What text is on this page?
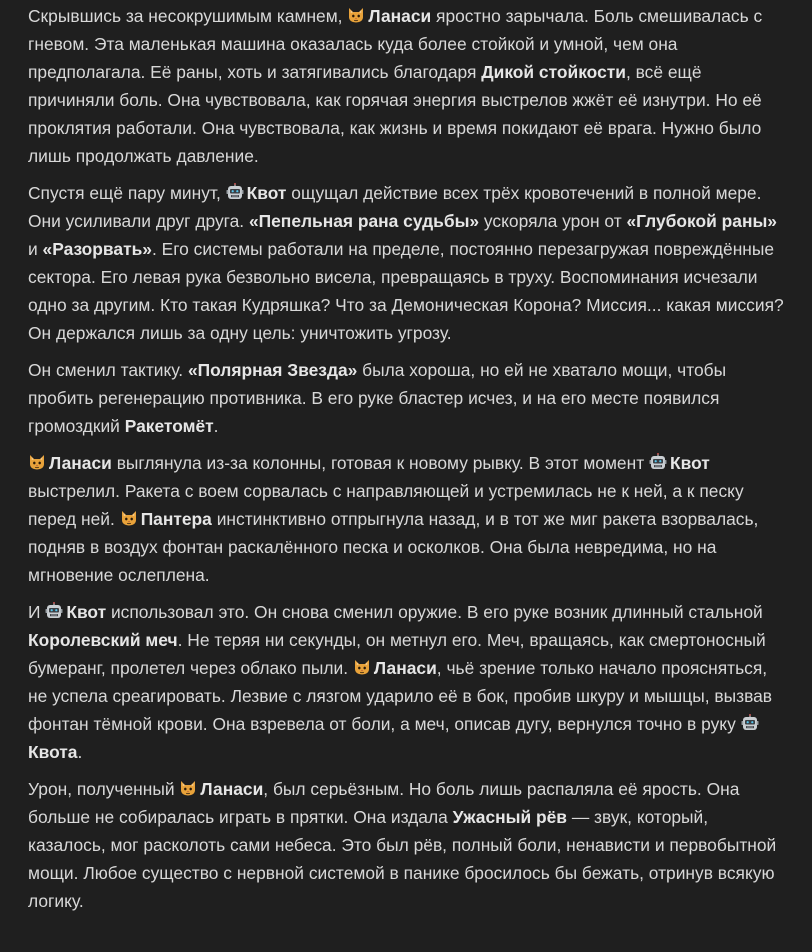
Скрывшись за несокрушимым камнем, Ланаси яростно зарычала. Боль смешивалась с гневом. Эта маленькая машина оказалась куда более стойкой и умной, чем она предполагала. Её раны, хоть и затягивались благодаря Дикой стойкости, всё ещё причиняли боль. Она чувствовала, как горячая энергия выстрелов жжёт её изнутри. Но её проклятия работали. Она чувствовала, как жизнь и время покидают её врага. Нужно было лишь продолжать давление.

Спустя ещё пару минут, Квот ощущал действие всех трёх кровотечений в полной мере. Они усиливали друг друга. «Пепельная рана судьбы» ускоряла урон от «Глубокой раны» и «Разорвать». Его системы работали на пределе, постоянно перезагружая повреждённые сектора. Его левая рука безвольно висела, превращаясь в труху. Воспоминания исчезали одно за другим. Кто такая Кудряшка? Что за Демоническая Корона? Миссия... какая миссия? Он держался лишь за одну цель: уничтожить угрозу.

Он сменил тактику. «Полярная Звезда» была хороша, но ей не хватало мощи, чтобы пробить регенерацию противника. В его руке бластер исчез, и на его месте появился громоздкий Ракетомёт.

Ланаси выглянула из-за колонны, готовая к новому рывку. В этот момент Квот выстрелил. Ракета с воем сорвалась с направляющей и устремилась не к ней, а к песку перед ней. Пантера инстинктивно отпрыгнула назад, и в тот же миг ракета взорвалась, подняв в воздух фонтан раскалённого песка и осколков. Она была невредима, но на мгновение ослеплена.

И Квот использовал это. Он снова сменил оружие. В его руке возник длинный стальной Королевский меч. Не теряя ни секунды, он метнул его. Меч, вращаясь, как смертоносный бумеранг, пролетел через облако пыли. Ланаси, чьё зрение только начало проясняться, не успела среагировать. Лезвие с лязгом ударило её в бок, пробив шкуру и мышцы, вызвав фонтан тёмной крови. Она взревела от боли, а меч, описав дугу, вернулся точно в руку Квота.

Урон, полученный Ланаси, был серьёзным. Но боль лишь распаляла её ярость. Она больше не собиралась играть в прятки. Она издала Ужасный рёв — звук, который, казалось, мог расколоть сами небеса. Это был рёв, полный боли, ненависти и первобытной мощи. Любое существо с нервной системой в панике бросилось бы бежать, отринув всякую логику.
